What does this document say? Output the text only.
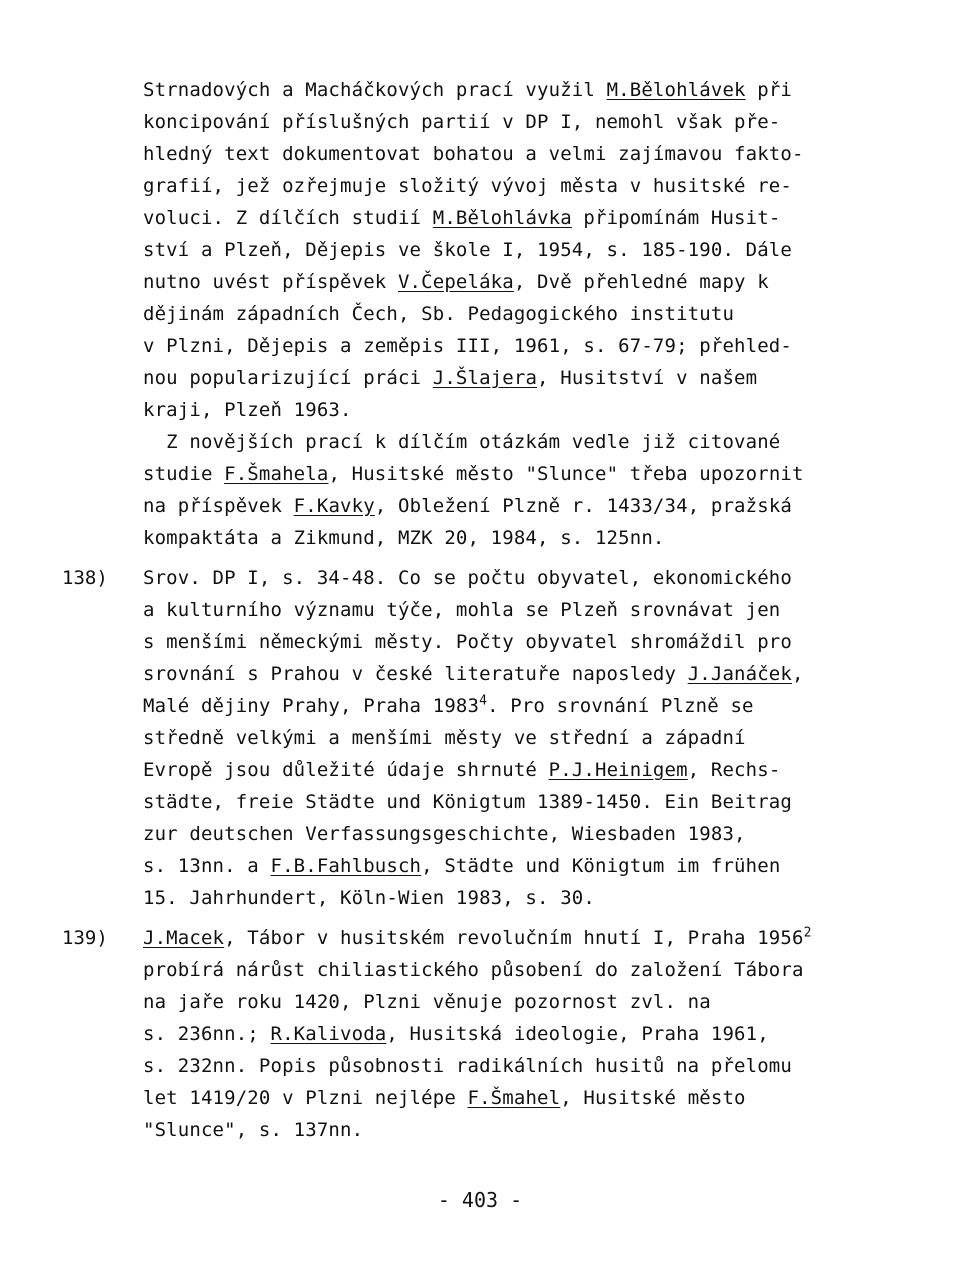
Strnadových a Macháčkových prací využil M.Bělohlávek při
koncipování příslušných partií v DP I, nemohl však pře-
hledný text dokumentovat bohatou a velmi zajímavou fakto-
grafií, jež ozřejmuje složitý vývoj města v husitské re-
voluci. Z dílčích studií M.Bělohlávka připomínám Husit-
ství a Plzeň, Dějepis ve škole I, 1954, s. 185-190. Dále
nutno uvést příspěvek V.Čepeláka, Dvě přehledné mapy k
dějinám západních Čech, Sb. Pedagogického institutu
v Plzni, Dějepis a zeměpis III, 1961, s. 67-79; přehled-
nou popularizující práci J.Šlajera, Husitství v našem
kraji, Plzeň 1963.
Z novějších prací k dílčím otázkám vedle již citované
studie F.Šmahela, Husitské město "Slunce" třeba upozornit
na příspěvek F.Kavky, Obležení Plzně r. 1433/34, pražská
kompaktáta a Zikmund, MZK 20, 1984, s. 125nn.
138) Srov. DP I, s. 34-48. Co se počtu obyvatel, ekonomického
a kulturního významu týče, mohla se Plzeň srovnávat jen
s menšími německými městy. Počty obyvatel shromáždil pro
srovnání s Prahou v české literatuře naposledy J.Janáček,
Malé dějiny Prahy, Praha 1983$^4$. Pro srovnání Plzně se
středně velkými a menšími městy ve střední a západní
Evropě jsou důležité údaje shrnuté P.J.Heinigem, Rechs-
städte, freie Städte und Königtum 1389-1450. Ein Beitrag
zur deutschen Verfassungsgeschichte, Wiesbaden 1983,
s. 13nn. a F.B.Fahlbusch, Städte und Königtum im frühen
15. Jahrhundert, Köln-Wien 1983, s. 30.
139) J.Macek, Tábor v husitském revolučním hnutí I, Praha 1956$^2$
probírá nárůst chiliastického působení do založení Tábora
na jaře roku 1420, Plzni věnuje pozornost zvl. na
s. 236nn.; R.Kalivoda, Husitská ideologie, Praha 1961,
s. 232nn. Popis působnosti radikálních husitů na přelomu
let 1419/20 v Plzni nejlépe F.Šmahel, Husitské město
"Slunce", s. 137nn.
- 403 -
